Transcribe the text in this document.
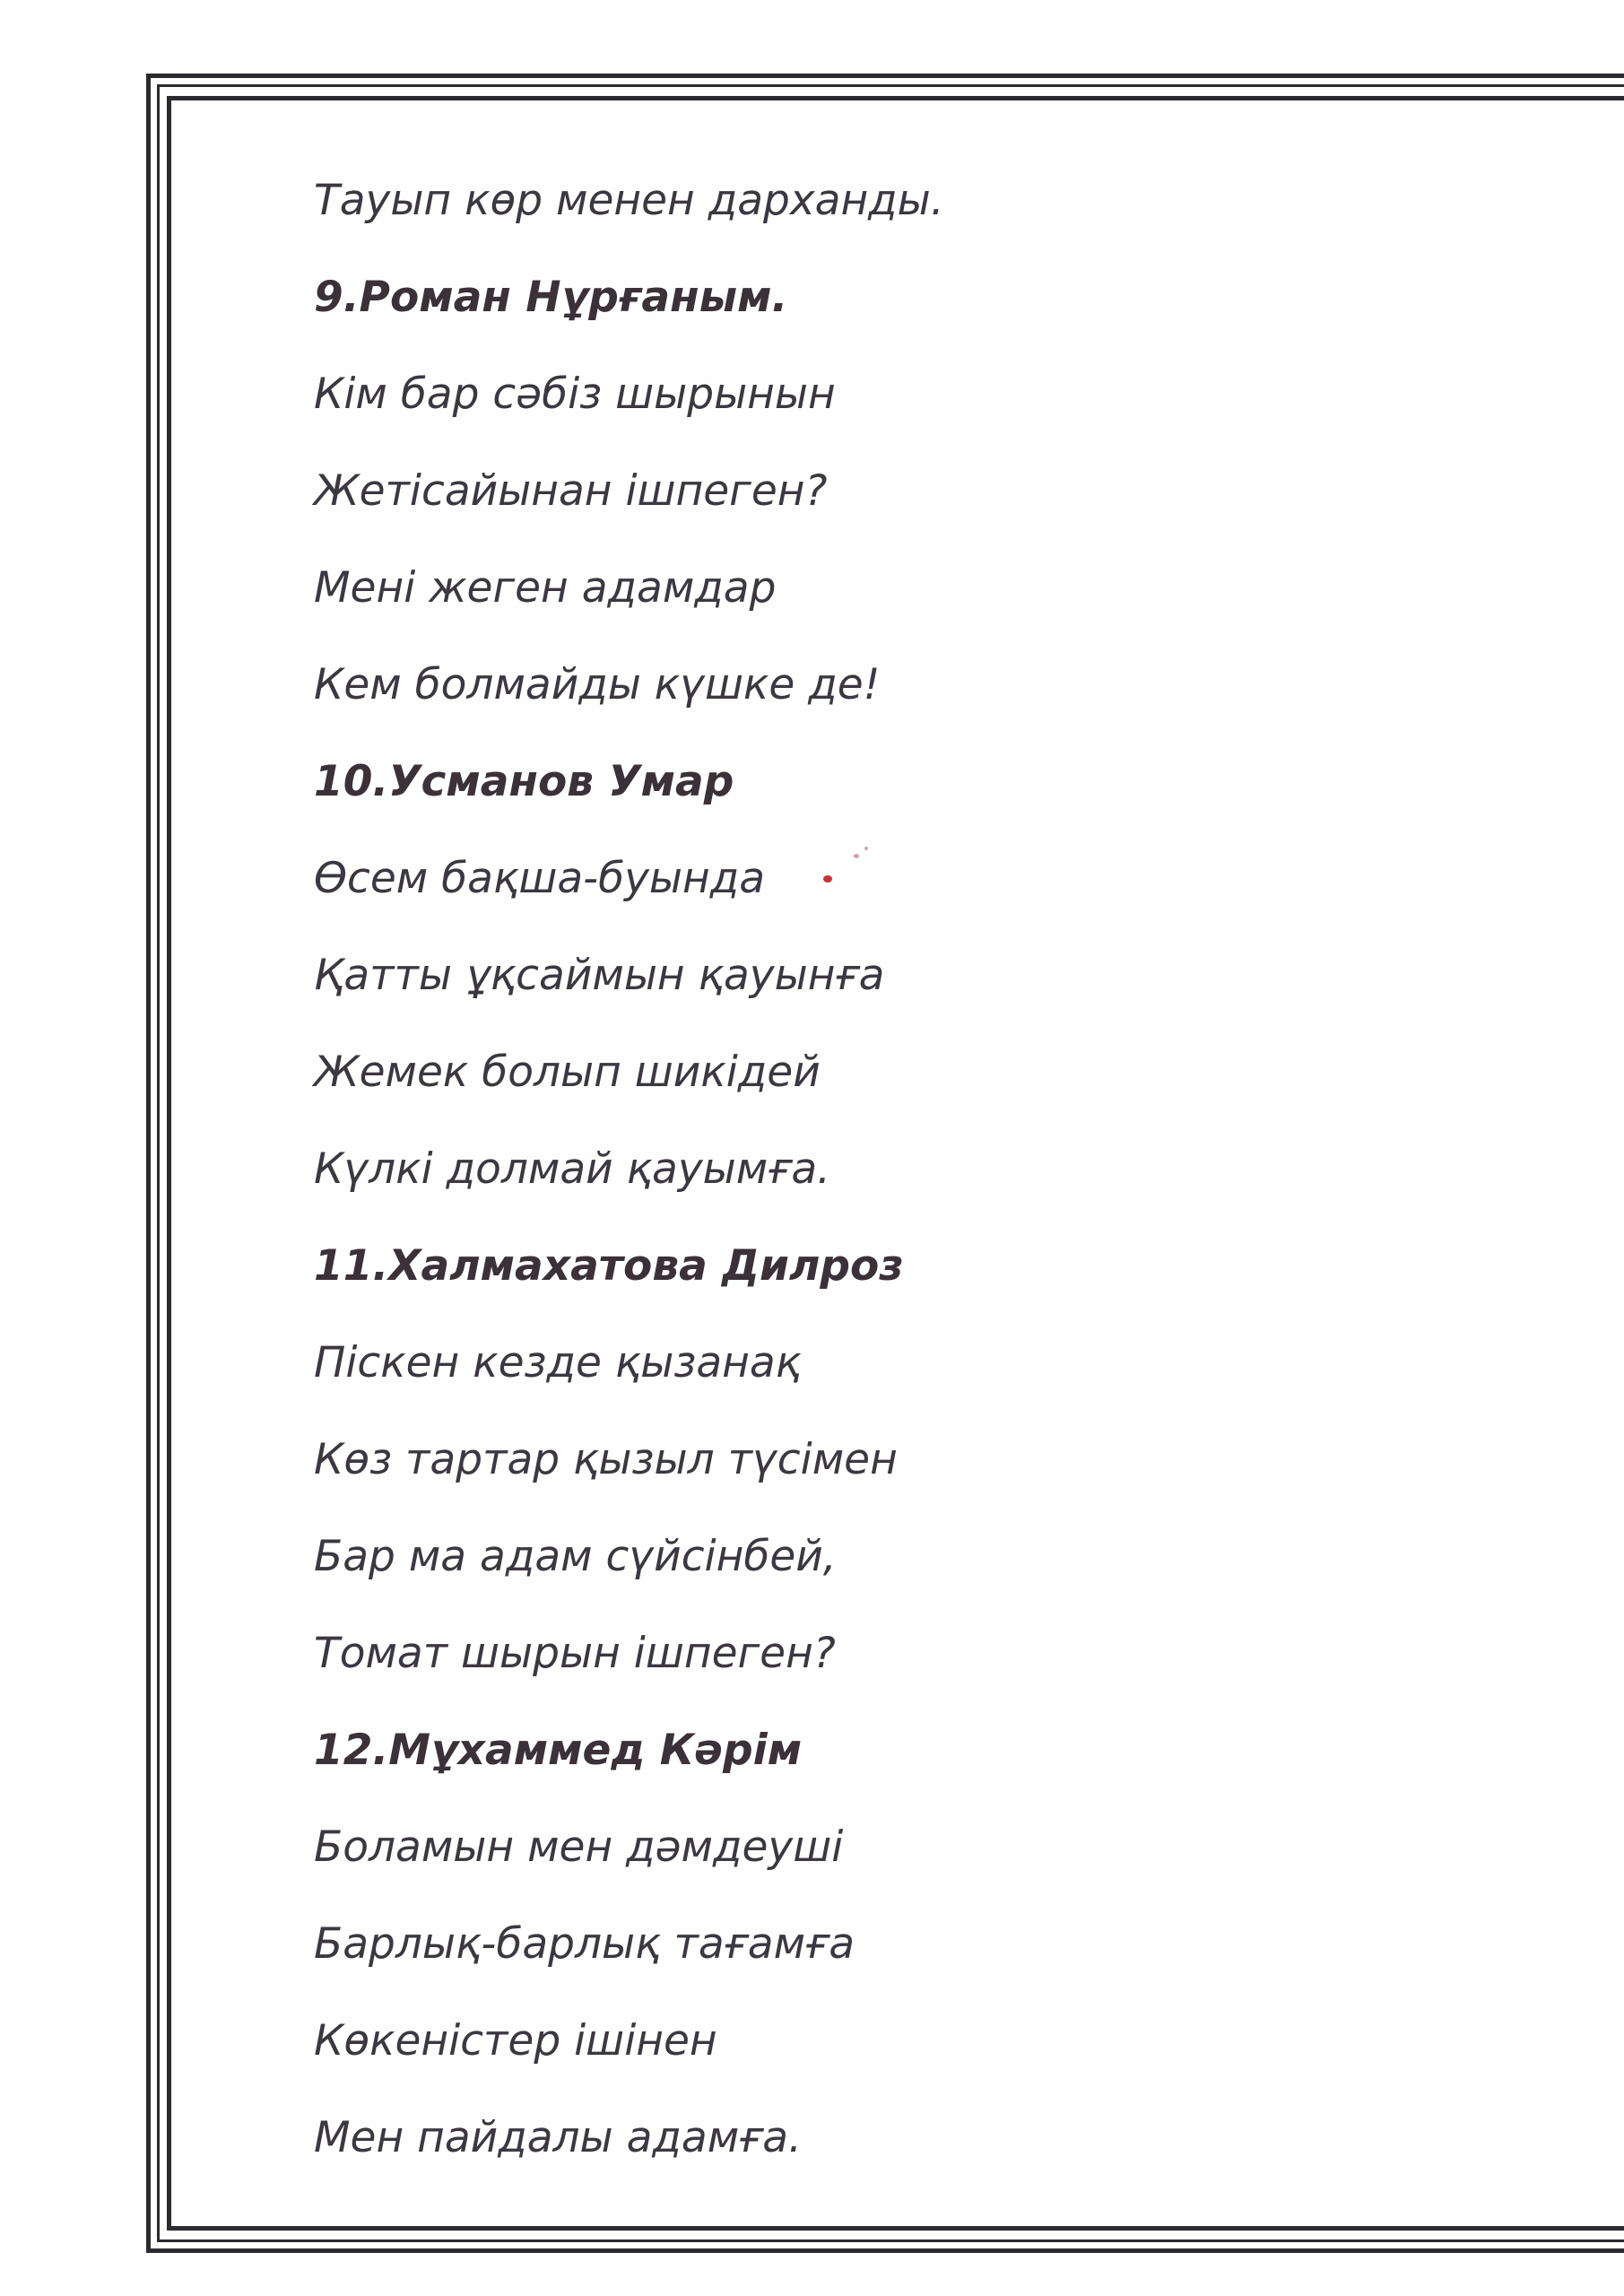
Тауып көр менен дарханды.
9.Роман Нұрғаным.
Кім бар сәбіз шырынын
Жетісайынан ішпеген?
Мені жеген адамдар
Кем болмайды күшке де!
10.Усманов Умар
Өсем бақша-буында
Қатты ұқсаймын қауынға
Жемек болып шикідей
Күлкі долмай қауымға.
11.Халмахатова Дилроз
Піскен кезде қызанақ
Көз тартар қызыл түсімен
Бар ма адам сүйсінбей,
Томат шырын ішпеген?
12.Мұхаммед Кәрім
Боламын мен дәмдеуші
Барлық-барлық тағамға
Көкеністер ішінен
Мен пайдалы адамға.
